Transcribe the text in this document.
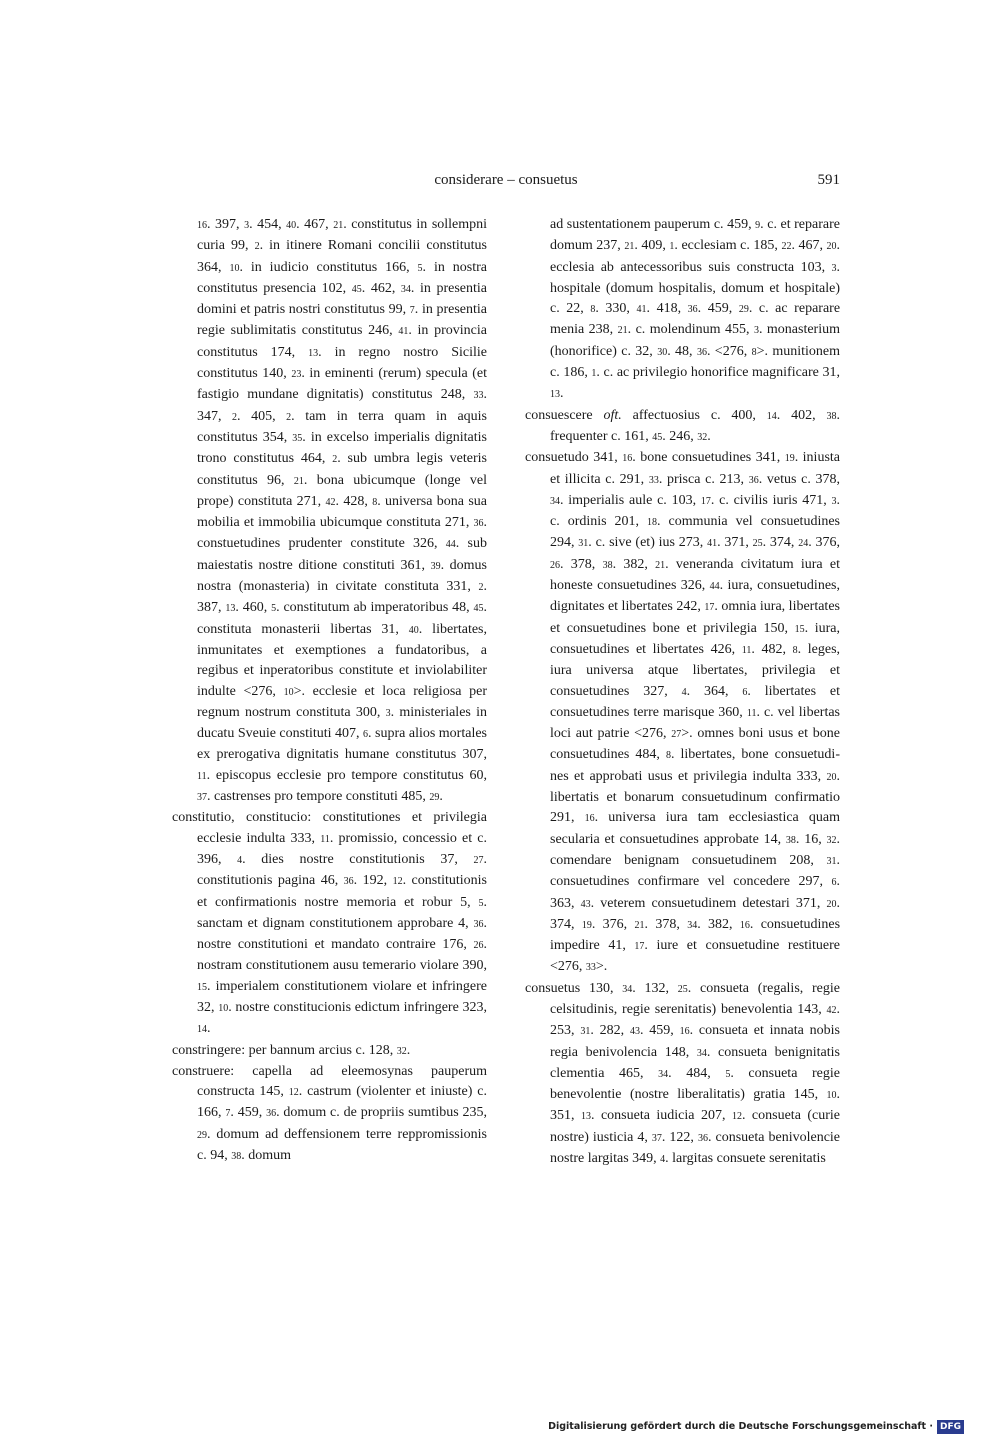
considerare – consuetus	591

16. 397, 3. 454, 40. 467, 21. constitutus in sollempni curia 99, 2. in itinere Romani concilii constitutus 364, 10. in iudicio constitutus 166, 5. in nostra constitutus presencia 102, 45. 462, 34. in presentia domini et patris nostri constitutus 99, 7. in presentia regie sublimitatis constitutus 246, 41. in provincia constitutus 174, 13. in regno nostro Sicilie constitutus 140, 23. in eminenti (rerum) specula (et fastigio mundane dignitatis) constitutus 248, 33. 347, 2. 405, 2. tam in terra quam in aquis constitutus 354, 35. in excelso imperialis dignitatis trono constitutus 464, 2. sub umbra legis veteris constitutus 96, 21. bona ubicumque (longe vel prope) constituta 271, 42. 428, 8. universa bona sua mobilia et immobilia ubicumque constituta 271, 36. constuetudines prudenter constitute 326, 44. sub maiestatis nostre ditione constituti 361, 39. domus nostra (monasteria) in civitate constituta 331, 2. 387, 13. 460, 5. constitutum ab imperatoribus 48, 45. constituta monasterii libertas 31, 40. libertates, inmunitates et exemptiones a fundatoribus, a regibus et inperatoribus constitute et inviolabiliter indulte <276, 10>. ecclesie et loca religiosa per regnum nostrum constituta 300, 3. ministeriales in ducatu Sveuie constituti 407, 6. supra alios mortales ex prerogativa dignitatis humane constitutus 307, 11. episcopus ecclesie pro tempore constitutus 60, 37. castrenses pro tempore constituti 485, 29.

constitutio, constitucio: constitutiones et privilegia ecclesie indulta 333, 11. promissio, concessio et c. 396, 4. dies nostre constitutionis 37, 27. constitutionis pagina 46, 36. 192, 12. constitutionis et confirmationis nostre memoria et robur 5, 5. sanctam et dignam constitutionem approbare 4, 36. nostre constitutioni et mandato contraire 176, 26. nostram constitutionem ausu temerario violare 390, 15. imperialem constitutionem violare et infringere 32, 10. nostre constitucionis edictum infringere 323, 14.

constringere: per bannum arcius c. 128, 32.

construere: capella ad eleemosynas pauperum constructa 145, 12. castrum (violenter et iniuste) c. 166, 7. 459, 36. domum c. de propriis sumtibus 235, 29. domum ad deffensionem terre reppromissionis c. 94, 38. domum

ad sustentationem pauperum c. 459, 9. c. et reparare domum 237, 21. 409, 1. ecclesiam c. 185, 22. 467, 20. ecclesia ab antecessoribus suis constructa 103, 3. hospitale (domum hospitalis, domum et hospitale) c. 22, 8. 330, 41. 418, 36. 459, 29. c. ac reparare menia 238, 21. c. molendinum 455, 3. monasterium (honorifice) c. 32, 30. 48, 36. <276, 8>. munitionem c. 186, 1. c. ac privilegio honorifice magnificare 31, 13.

consuescere oft. affectuosius c. 400, 14. 402, 38. frequenter c. 161, 45. 246, 32.

consuetudo 341, 16. bone consuetudines 341, 19. iniusta et illicita c. 291, 33. prisca c. 213, 36. vetus c. 378, 34. imperialis aule c. 103, 17. c. civilis iuris 471, 3. c. ordinis 201, 18. communia vel consuetudines 294, 31. c. sive (et) ius 273, 41. 371, 25. 374, 24. 376, 26. 378, 38. 382, 21. veneranda civitatum iura et honeste consuetudines 326, 44. iura, consuetudines, dignitates et libertates 242, 17. omnia iura, libertates et consuetudines bone et privilegia 150, 15. iura, consuetudines et libertates 426, 11. 482, 8. leges, iura universa atque libertates, privilegia et consuetudines 327, 4. 364, 6. libertates et consuetudines terre marisque 360, 11. c. vel libertas loci aut patrie <276, 27>. omnes boni usus et bone consuetudines 484, 8. libertates, bone consuetudines et approbati usus et privilegia indulta 333, 20. libertatis et bonarum consuetudinum confirmatio 291, 16. universa iura tam ecclesiastica quam secularia et consuetudines approbate 14, 38. 16, 32. comendare benignam consuetudinem 208, 31. consuetudines confirmare vel concedere 297, 6. 363, 43. veterem consuetudinem detestari 371, 20. 374, 19. 376, 21. 378, 34. 382, 16. consuetudines impedire 41, 17. iure et consuetudine restituere <276, 33>.

consuetus 130, 34. 132, 25. consueta (regalis, regie celsitudinis, regie serenitatis) benevolentia 143, 42. 253, 31. 282, 43. 459, 16. consueta et innata nobis regia benivolencia 148, 34. consueta benignitatis clementia 465, 34. 484, 5. consueta regie benevolentie (nostre liberalitatis) gratia 145, 10. 351, 13. consueta iudicia 207, 12. consueta (curie nostre) iusticia 4, 37. 122, 36. consueta benivolencie nostre largitas 349, 4. largitas consuete serenitatis

Digitalisierung gefördert durch die Deutsche Forschungsgemeinschaft · DFG
